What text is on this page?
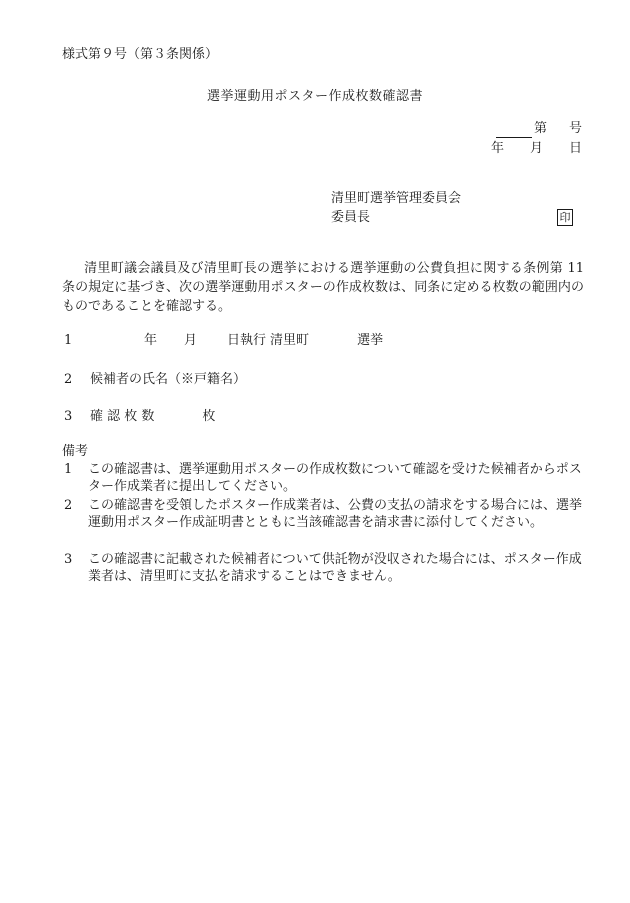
様式第９号（第３条関係）
選挙運動用ポスター作成枚数確認書
第 号
年 月 日
清里町選挙管理委員会
委員長	印
清里町議会議員及び清里町長の選挙における選挙運動の公費負担に関する条例第 11 条の規定に基づき、次の選挙運動用ポスターの作成枚数は、同条に定める枚数の範囲内のものであることを確認する。
1	年 月 日執行 清里町	選挙
2 候補者の氏名（※戸籍名）
3 確 認 枚 数	枚
備考
1	この確認書は、選挙運動用ポスターの作成枚数について確認を受けた候補者からポスター作成業者に提出してください。
2	この確認書を受領したポスター作成業者は、公費の支払の請求をする場合には、選挙運動用ポスター作成証明書とともに当該確認書を請求書に添付してください。
3	この確認書に記載された候補者について供託物が没収された場合には、ポスター作成業者は、清里町に支払を請求することはできません。
